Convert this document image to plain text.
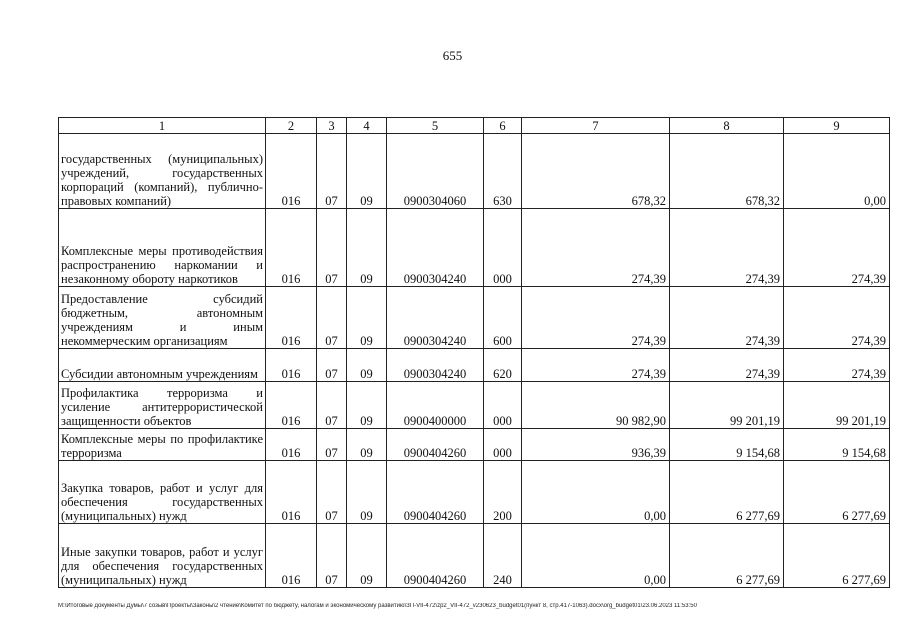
655
1	2	3	4	5	6	7	8	9
государственных (муниципальных) учреждений, государственных корпораций (компаний), публично-правовых компаний)	016	07	09	0900304060	630	678,32	678,32	0,00
Комплексные меры противодействия распространению наркомании и незаконному обороту наркотиков	016	07	09	0900304240	000	274,39	274,39	274,39
Предоставление субсидий бюджетным, автономным учреждениям и иным некоммерческим организациям	016	07	09	0900304240	600	274,39	274,39	274,39
Субсидии автономным учреждениям	016	07	09	0900304240	620	274,39	274,39	274,39
Профилактика терроризма и усиление антитеррористической защищенности объектов	016	07	09	0900400000	000	90 982,90	99 201,19	99 201,19
Комплексные меры по профилактике терроризма	016	07	09	0900404260	000	936,39	9 154,68	9 154,68
Закупка товаров, работ и услуг для обеспечения государственных (муниципальных) нужд	016	07	09	0900404260	200	0,00	6 277,69	6 277,69
Иные закупки товаров, работ и услуг для обеспечения государственных (муниципальных) нужд	016	07	09	0900404260	240	0,00	6 277,69	6 277,69
М:\Итоговые документы Думы\7 созыв\Проекты\Законы\2 чтение\Комитет по бюджету, налогам и экономическому развитию\ЗП-VII-472\zp2_VII-472_v230623_budget01(пункт 8, стр.417-1063).docx\org_budget01\23.06.2023 11:53:50
